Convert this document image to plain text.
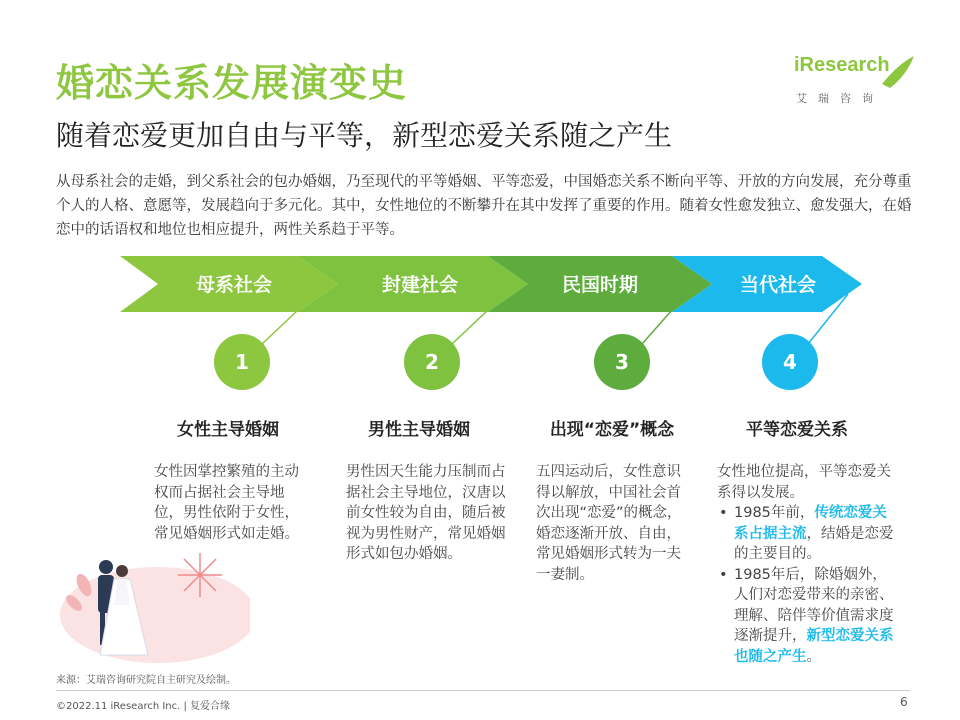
婚恋关系发展演变史
随着恋爱更加自由与平等，新型恋爱关系随之产生
iResearch
艾瑞咨询
从母系社会的走婚，到父系社会的包办婚姻，乃至现代的平等婚姻、平等恋爱，中国婚恋关系不断向平等、开放的方向发展，充分尊重个人的人格、意愿等，发展趋向于多元化。其中，女性地位的不断攀升在其中发挥了重要的作用。随着女性愈发独立、愈发强大，在婚恋中的话语权和地位也相应提升，两性关系趋于平等。
母系社会	封建社会	民国时期	当代社会
1	2	3	4
女性主导婚姻	男性主导婚姻	出现“恋爱”概念	平等恋爱关系
女性因掌控繁殖的主动权而占据社会主导地位，男性依附于女性，常见婚姻形式如走婚。
男性因天生能力压制而占据社会主导地位，汉唐以前女性较为自由，随后被视为男性财产，常见婚姻形式如包办婚姻。
五四运动后，女性意识得以解放，中国社会首次出现“恋爱”的概念，婚恋逐渐开放、自由，常见婚姻形式转为一夫一妻制。

女性地位提高，平等恋爱关系得以发展。

• 1985年前，传统恋爱关系占据主流，结婚是恋爱的主要目的。
• 1985年后，除婚姻外，人们对恋爱带来的亲密、理解、陪伴等价值需求度逐渐提升，新型恋爱关系也随之产生。
来源：艾瑞咨询研究院自主研究及绘制。
©2022.11 iResearch Inc. | 复爱合缘	6
